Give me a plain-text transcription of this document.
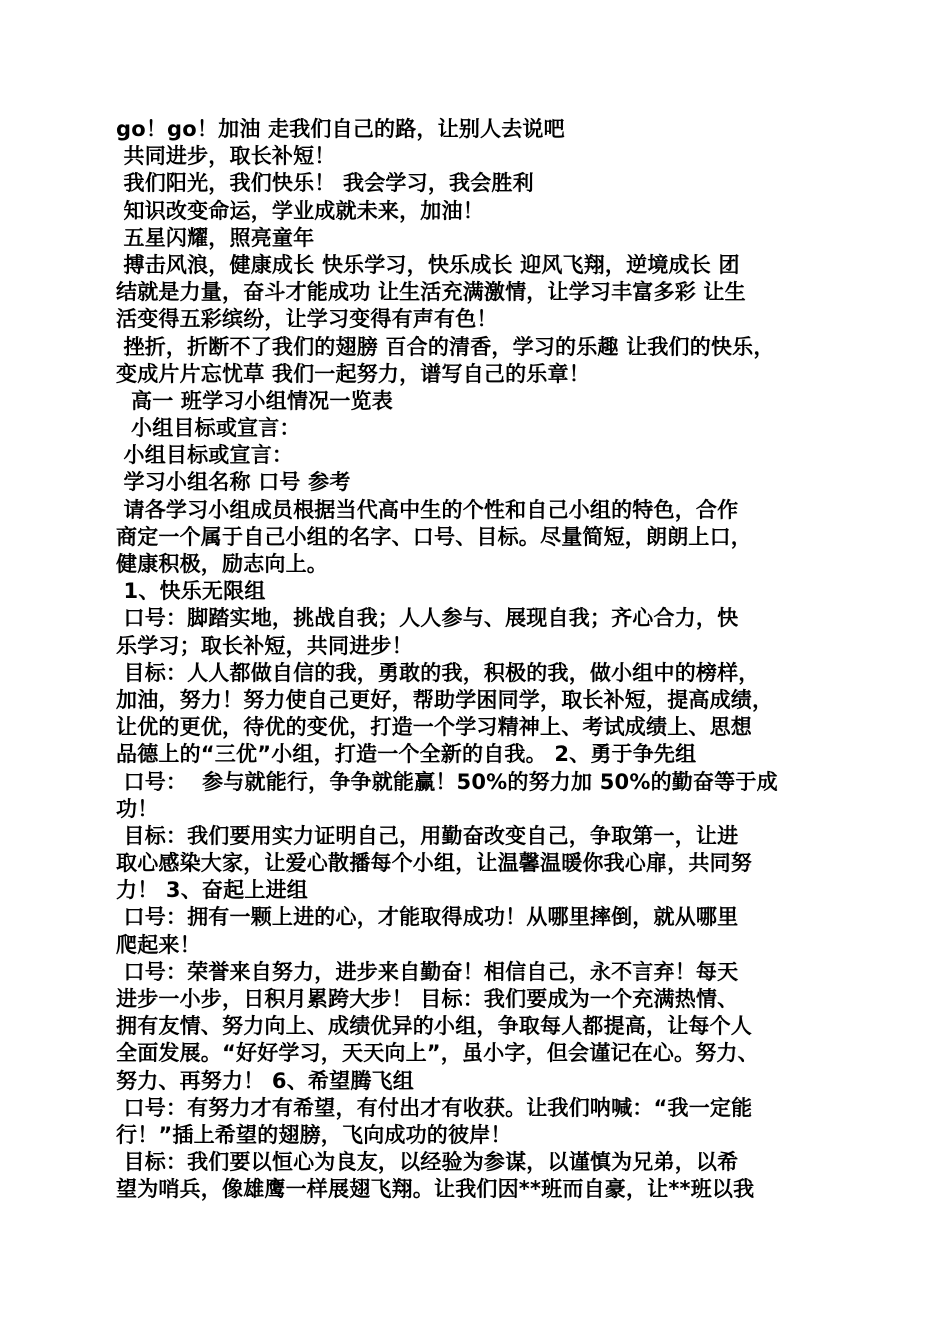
go！go！加油 走我们自己的路，让别人去说吧
共同进步，取长补短！
我们阳光，我们快乐！ 我会学习，我会胜利
知识改变命运，学业成就未来，加油！
五星闪耀，照亮童年
搏击风浪，健康成长 快乐学习，快乐成长 迎风飞翔，逆境成长 团
结就是力量，奋斗才能成功 让生活充满激情，让学习丰富多彩 让生
活变得五彩缤纷，让学习变得有声有色！
挫折，折断不了我们的翅膀 百合的清香，学习的乐趣 让我们的快乐，
变成片片忘忧草 我们一起努力，谱写自己的乐章！
高一 班学习小组情况一览表
小组目标或宣言：
小组目标或宣言：
学习小组名称 口号 参考
请各学习小组成员根据当代高中生的个性和自己小组的特色，合作
商定一个属于自己小组的名字、口号、目标。尽量简短，朗朗上口，
健康积极，励志向上。
1、快乐无限组
口号：脚踏实地，挑战自我；人人参与、展现自我；齐心合力，快
乐学习；取长补短，共同进步！
目标：人人都做自信的我，勇敢的我，积极的我，做小组中的榜样，
加油，努力！努力使自己更好，帮助学困同学，取长补短，提高成绩，
让优的更优，待优的变优，打造一个学习精神上、考试成绩上、思想
品德上的“三优”小组，打造一个全新的自我。 2、勇于争先组
口号：  参与就能行，争争就能赢！50%的努力加 50%的勤奋等于成
功！
目标：我们要用实力证明自己，用勤奋改变自己，争取第一，让进
取心感染大家，让爱心散播每个小组，让温馨温暖你我心扉，共同努
力！ 3、奋起上进组
口号：拥有一颗上进的心，才能取得成功！从哪里摔倒，就从哪里
爬起来！
口号：荣誉来自努力，进步来自勤奋！相信自己，永不言弃！每天
进步一小步，日积月累跨大步！ 目标：我们要成为一个充满热情、
拥有友情、努力向上、成绩优异的小组，争取每人都提高，让每个人
全面发展。“好好学习，天天向上”，虽小字，但会谨记在心。努力、
努力、再努力！ 6、希望腾飞组
口号：有努力才有希望，有付出才有收获。让我们呐喊：“我一定能
行！”插上希望的翅膀，飞向成功的彼岸！
目标：我们要以恒心为良友，以经验为参谋，以谨慎为兄弟，以希
望为哨兵，像雄鹰一样展翅飞翔。让我们因**班而自豪，让**班以我
